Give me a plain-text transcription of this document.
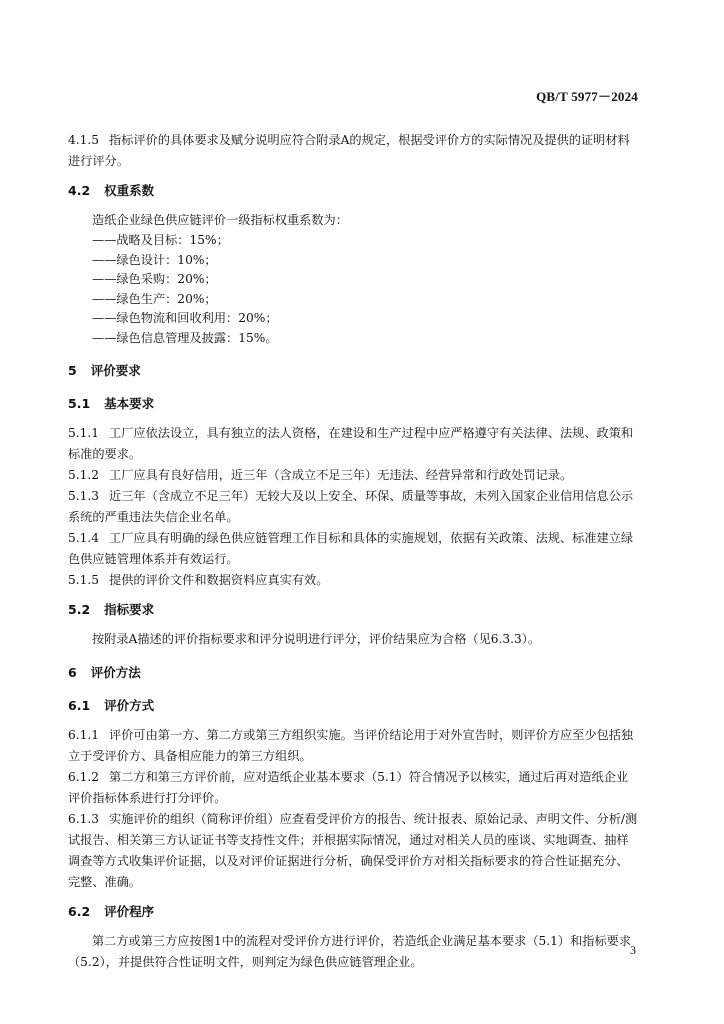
QB/T 5977－2024

4.1.5 指标评价的具体要求及赋分说明应符合附录A的规定，根据受评价方的实际情况及提供的证明材料进行评分。

4.2 权重系数

造纸企业绿色供应链评价一级指标权重系数为：

——战略及目标：15%；
——绿色设计：10%；
——绿色采购：20%；
——绿色生产：20%；
——绿色物流和回收利用：20%；
——绿色信息管理及披露：15%。

5 评价要求

5.1 基本要求

5.1.1 工厂应依法设立，具有独立的法人资格，在建设和生产过程中应严格遵守有关法律、法规、政策和标准的要求。

5.1.2 工厂应具有良好信用，近三年（含成立不足三年）无违法、经营异常和行政处罚记录。

5.1.3 近三年（含成立不足三年）无较大及以上安全、环保、质量等事故，未列入国家企业信用信息公示系统的严重违法失信企业名单。

5.1.4 工厂应具有明确的绿色供应链管理工作目标和具体的实施规划，依据有关政策、法规、标准建立绿色供应链管理体系并有效运行。

5.1.5 提供的评价文件和数据资料应真实有效。

5.2 指标要求

按附录A描述的评价指标要求和评分说明进行评分，评价结果应为合格（见6.3.3）。

6 评价方法

6.1 评价方式

6.1.1 评价可由第一方、第二方或第三方组织实施。当评价结论用于对外宣告时，则评价方应至少包括独立于受评价方、具备相应能力的第三方组织。

6.1.2 第二方和第三方评价前，应对造纸企业基本要求（5.1）符合情况予以核实，通过后再对造纸企业评价指标体系进行打分评价。

6.1.3 实施评价的组织（简称评价组）应查看受评价方的报告、统计报表、原始记录、声明文件、分析/测试报告、相关第三方认证证书等支持性文件；并根据实际情况，通过对相关人员的座谈、实地调查、抽样调查等方式收集评价证据，以及对评价证据进行分析，确保受评价方对相关指标要求的符合性证据充分、完整、准确。

6.2 评价程序

第二方或第三方应按图1中的流程对受评价方进行评价，若造纸企业满足基本要求（5.1）和指标要求（5.2），并提供符合性证明文件，则判定为绿色供应链管理企业。

3
